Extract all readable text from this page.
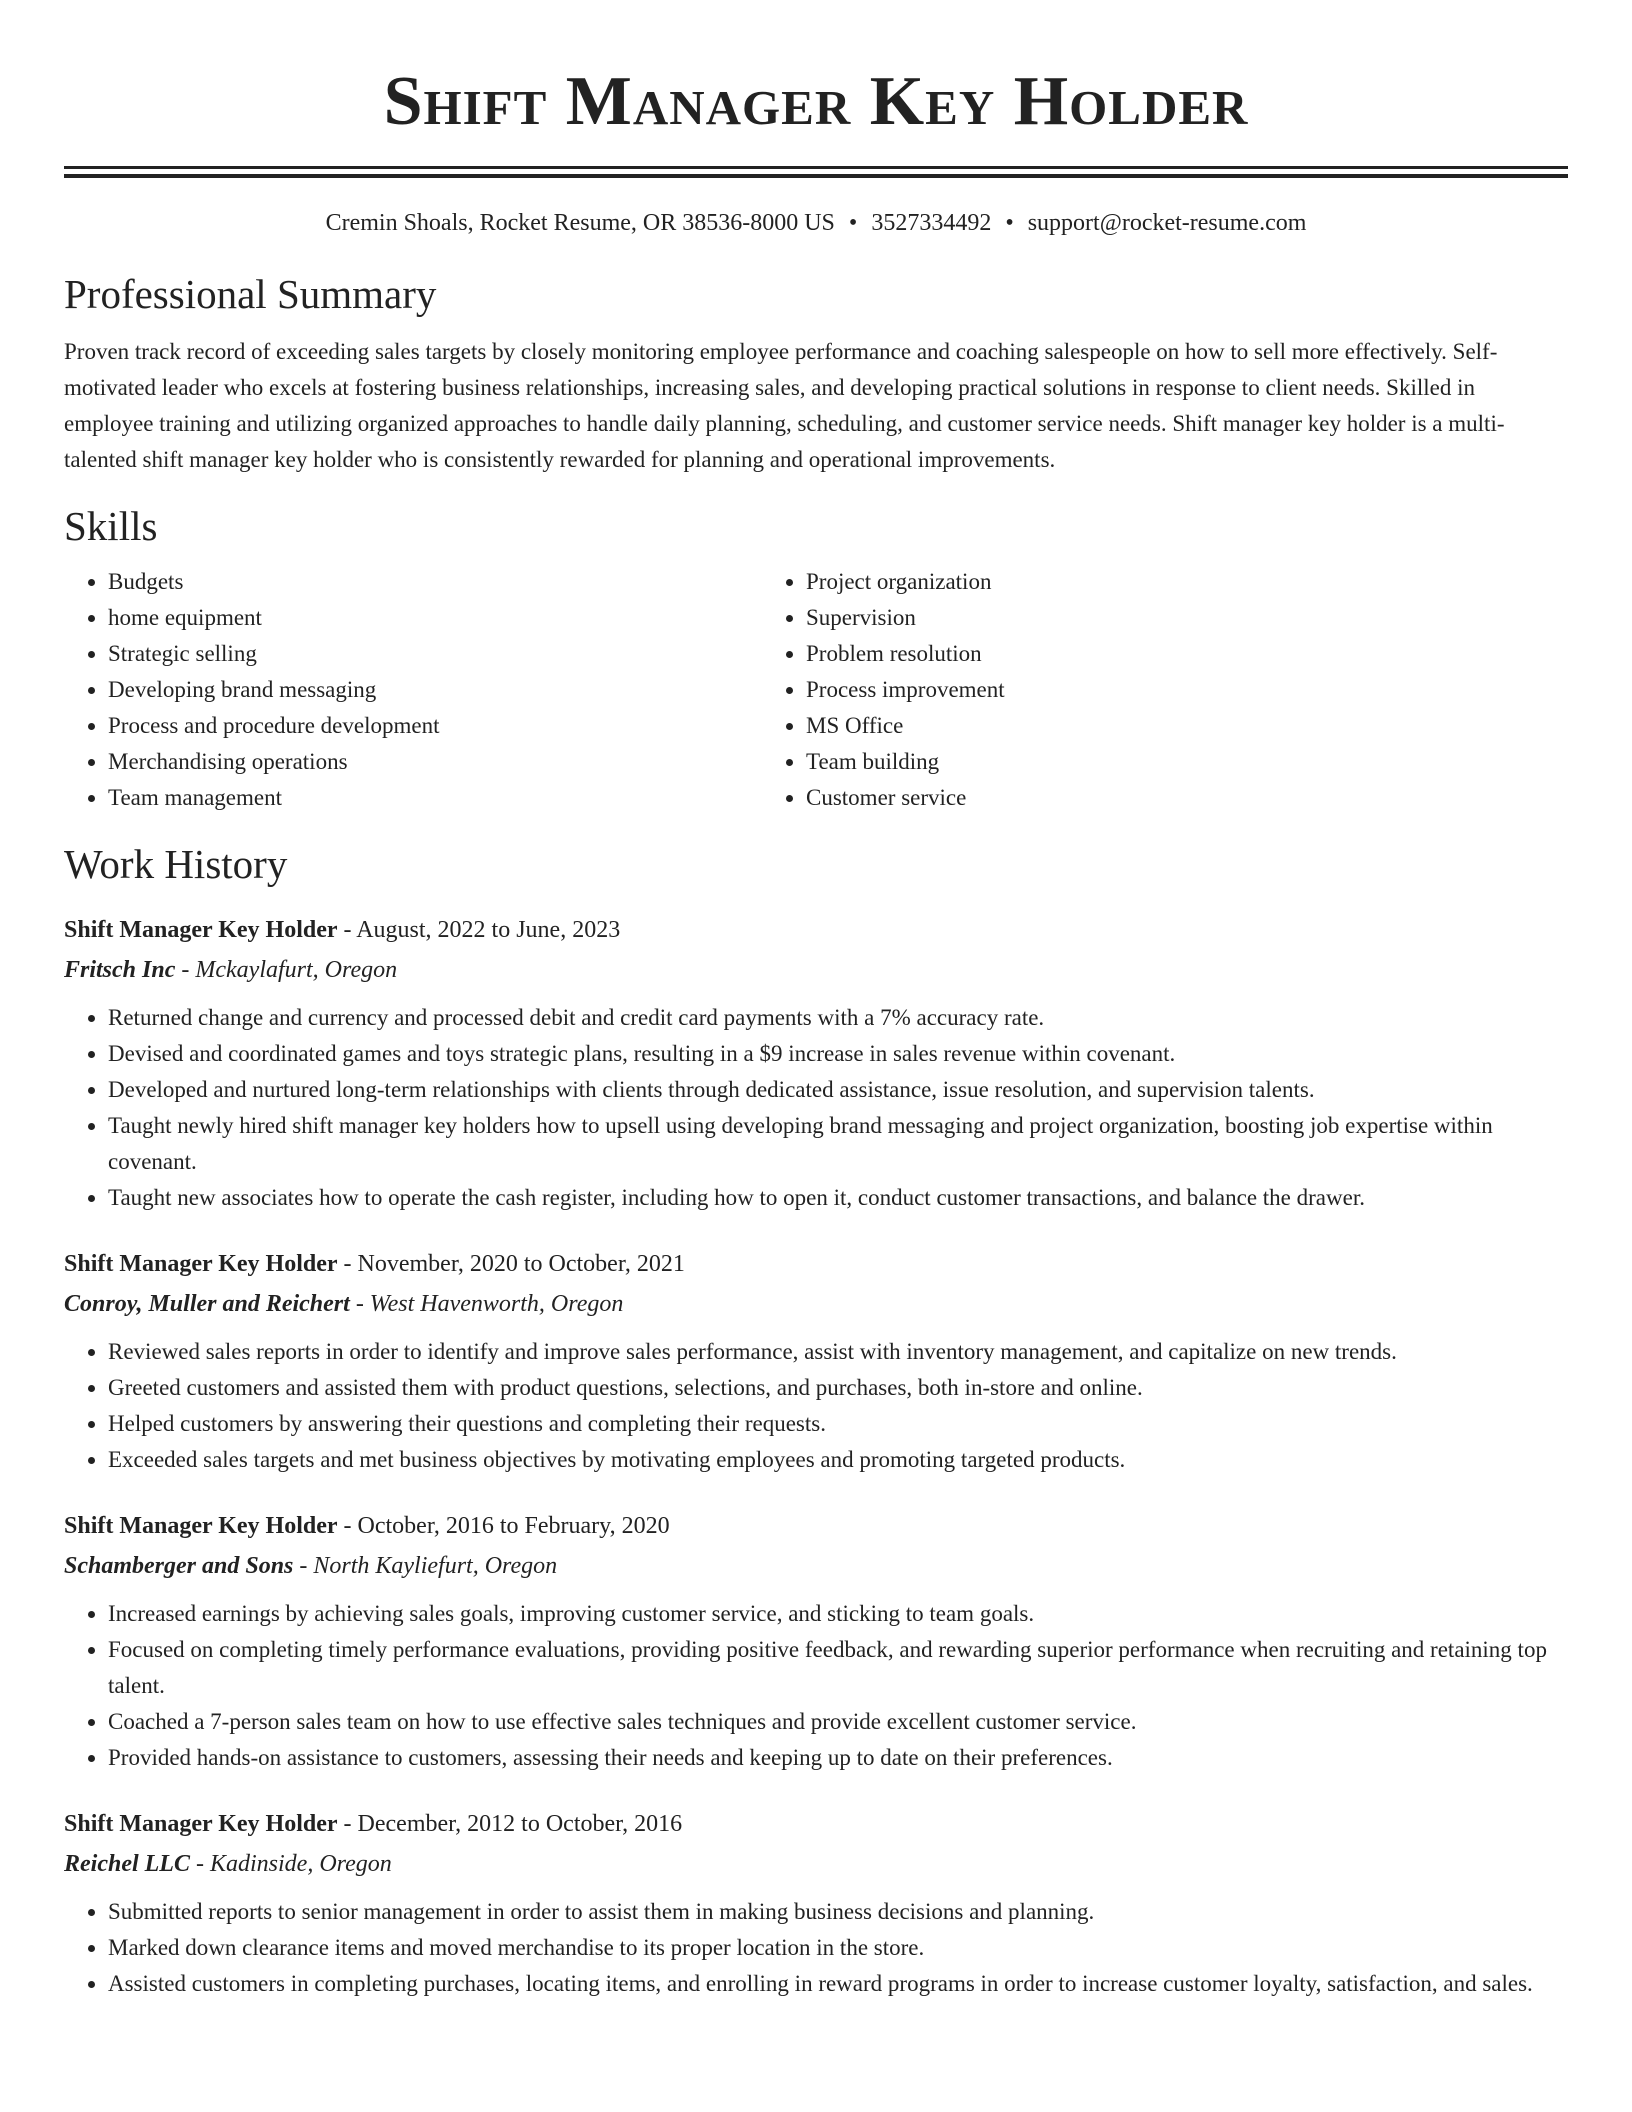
Shift Manager Key Holder
Cremin Shoals, Rocket Resume, OR 38536-8000 US • 3527334492 • support@rocket-resume.com
Professional Summary
Proven track record of exceeding sales targets by closely monitoring employee performance and coaching salespeople on how to sell more effectively. Self-motivated leader who excels at fostering business relationships, increasing sales, and developing practical solutions in response to client needs. Skilled in employee training and utilizing organized approaches to handle daily planning, scheduling, and customer service needs. Shift manager key holder is a multi-talented shift manager key holder who is consistently rewarded for planning and operational improvements.
Skills
• Budgets
• home equipment
• Strategic selling
• Developing brand messaging
• Process and procedure development
• Merchandising operations
• Team management
• Project organization
• Supervision
• Problem resolution
• Process improvement
• MS Office
• Team building
• Customer service
Work History
Shift Manager Key Holder - August, 2022 to June, 2023
Fritsch Inc - Mckaylafurt, Oregon
• Returned change and currency and processed debit and credit card payments with a 7% accuracy rate.
• Devised and coordinated games and toys strategic plans, resulting in a $9 increase in sales revenue within covenant.
• Developed and nurtured long-term relationships with clients through dedicated assistance, issue resolution, and supervision talents.
• Taught newly hired shift manager key holders how to upsell using developing brand messaging and project organization, boosting job expertise within covenant.
• Taught new associates how to operate the cash register, including how to open it, conduct customer transactions, and balance the drawer.
Shift Manager Key Holder - November, 2020 to October, 2021
Conroy, Muller and Reichert - West Havenworth, Oregon
• Reviewed sales reports in order to identify and improve sales performance, assist with inventory management, and capitalize on new trends.
• Greeted customers and assisted them with product questions, selections, and purchases, both in-store and online.
• Helped customers by answering their questions and completing their requests.
• Exceeded sales targets and met business objectives by motivating employees and promoting targeted products.
Shift Manager Key Holder - October, 2016 to February, 2020
Schamberger and Sons - North Kayliefurt, Oregon
• Increased earnings by achieving sales goals, improving customer service, and sticking to team goals.
• Focused on completing timely performance evaluations, providing positive feedback, and rewarding superior performance when recruiting and retaining top talent.
• Coached a 7-person sales team on how to use effective sales techniques and provide excellent customer service.
• Provided hands-on assistance to customers, assessing their needs and keeping up to date on their preferences.
Shift Manager Key Holder - December, 2012 to October, 2016
Reichel LLC - Kadinside, Oregon
• Submitted reports to senior management in order to assist them in making business decisions and planning.
• Marked down clearance items and moved merchandise to its proper location in the store.
• Assisted customers in completing purchases, locating items, and enrolling in reward programs in order to increase customer loyalty, satisfaction, and sales.
